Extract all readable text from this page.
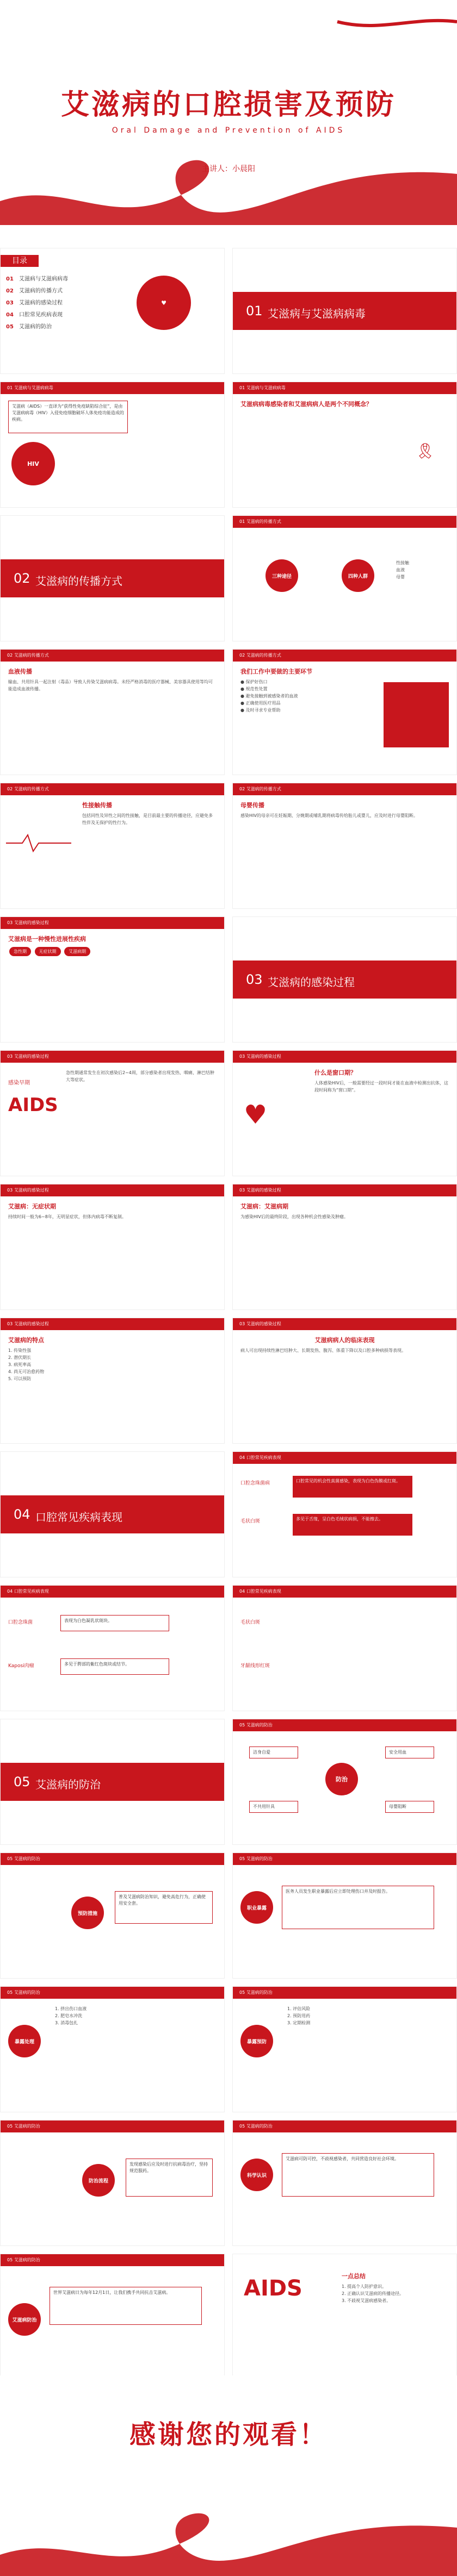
艾滋病的口腔损害及预防
Oral Damage and Prevention of AIDS
主讲人：小晨阳
目录
01 艾滋病与艾滋病病毒
02 艾滋病的传播方式
03 艾滋病的感染过程
04 口腔常见疾病表现
05 艾滋病的防治
♥
01 艾滋病与艾滋病病毒
01 艾滋病与艾滋病病毒
艾滋病（AIDS）一直译为“获得性免疫缺陷综合征”，是由艾滋病病毒（HIV）入侵免疫细胞破坏人体免疫功能造成的疾病。
HIV
01 艾滋病与艾滋病病毒
艾滋病病毒感染者和艾滋病病人是两个不同概念？
🎗
02 艾滋病的传播方式
01 艾滋病的传播方式
三种途径	四种人群
性接触
血液
母婴
02 艾滋病的传播方式
血液传播
输血、共用针具一起注射（毒品）导致人传染艾滋病病毒。未经严格消毒的医疗器械、美容器具使用等均可能造成血液传播。
02 艾滋病的传播方式
我们工作中要做的主要环节
● 保护好伤口
● 规范性处置
● 避免接触到被感染者的血液
● 正确使用医疗用品
● 及时寻求专业帮助
02 艾滋病的传播方式
性接触传播
包括同性及异性之间的性接触，是目前最主要的传播途径，应避免多性伴及无保护的性行为。
02 艾滋病的传播方式
母婴传播
感染HIV的母亲可在妊娠期、分娩期或哺乳期将病毒传给胎儿或婴儿，应及时进行母婴阻断。
03 艾滋病的感染过程
艾滋病是一种慢性进展性疾病
急性期	无症状期	艾滋病期
03 艾滋病的感染过程
03 艾滋病的感染过程
急性期通常发生在初次感染后2~4周，部分感染者出现发热、咽痛、淋巴结肿大等症状。
AIDS
感染早期
03 艾滋病的感染过程
什么是窗口期？
人体感染HIV后，一般需要经过一段时间才能在血液中检测出抗体，这段时间称为“窗口期”。
♥
03 艾滋病的感染过程
艾滋病：无症状期
持续时间一般为6~8年，无明显症状，但体内病毒不断复制。
03 艾滋病的感染过程
艾滋病：艾滋病期
为感染HIV后的最终阶段，出现各种机会性感染及肿瘤。
03 艾滋病的感染过程
艾滋病的特点
1. 传染性强
2. 潜伏期长
3. 病死率高
4. 尚无可治愈药物
5. 可以预防
03 艾滋病的感染过程
艾滋病病人的临床表现
病人可出现持续性淋巴结肿大、长期发热、腹泻、体重下降以及口腔多种病损等表现。
04 口腔常见疾病表现
04 口腔常见疾病表现
口腔念珠菌病
毛状白斑
口腔常见的机会性真菌感染，表现为白色伪膜或红斑。
多见于舌缘，呈白色毛绒状病损，不能擦去。
04 口腔常见疾病表现
口腔念珠菌
Kaposi肉瘤
表现为白色凝乳状斑块。
多见于腭部的紫红色斑块或结节。
04 口腔常见疾病表现
毛状白斑
牙龈线形红斑
05 艾滋病的防治
05 艾滋病的防治
防治
洁身自爱
不共用针具
安全用血
母婴阻断
05 艾滋病的防治
预防措施
普及艾滋病防治知识，避免高危行为，正确使用安全套。
05 艾滋病的防治
职业暴露
医务人员发生职业暴露后应立即处理伤口并及时报告。
05 艾滋病的防治
暴露处理
1. 挤出伤口血液
2. 肥皂水冲洗
3. 消毒包扎
05 艾滋病的防治
暴露预防
1. 评估风险
2. 预防用药
3. 定期检测
05 艾滋病的防治
防治流程
发现感染后应及时进行抗病毒治疗，坚持规范服药。
05 艾滋病的防治
科学认识
艾滋病可防可控，不歧视感染者，共同营造良好社会环境。
05 艾滋病的防治
艾滋病防治
世界艾滋病日为每年12月1日，让我们携手共同抗击艾滋病。	AIDS	一点总结
1. 提高个人防护意识。
2. 正确认识艾滋病的传播途径。
3. 不歧视艾滋病感染者。
感谢您的观看！
